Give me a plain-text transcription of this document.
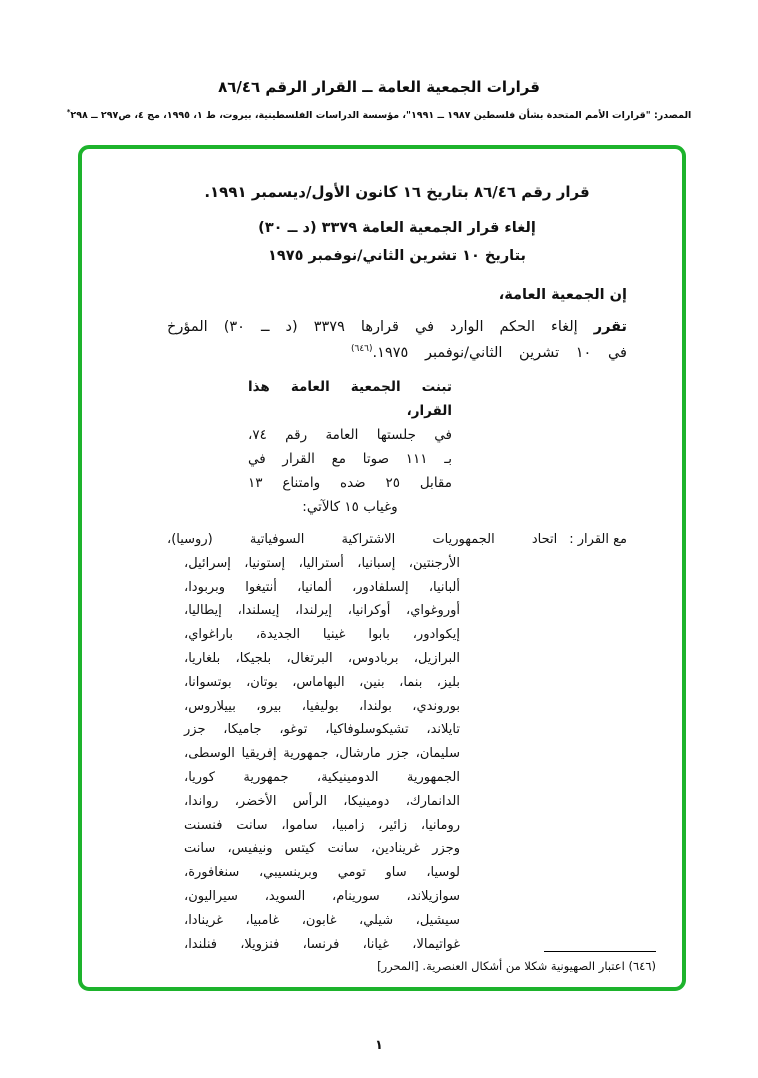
قرارات الجمعية العامة ــ القرار الرقم ٨٦/٤٦
المصدر: "قرارات الأمم المتحدة بشأن فلسطين ١٩٨٧ ــ ١٩٩١"، مؤسسة الدراسات الفلسطينية، بيروت، ط ١، ١٩٩٥، مج ٤، ص٢٩٧ ــ ٢٩٨*
قرار رقم ٨٦/٤٦ بتاريخ ١٦ كانون الأول/ديسمبر ١٩٩١.
إلغاء قرار الجمعية العامة ٣٣٧٩ (د ــ ٣٠)
بتاريخ ١٠ تشرين الثاني/نوفمبر ١٩٧٥
إن الجمعية العامة،
تقرر إلغاء الحكم الوارد في قرارها ٣٣٧٩ (د ــ ٣٠) المؤرخ
في ١٠ تشرين الثاني/نوفمبر ١٩٧٥.$^{(٦٤٦)}$
تبنت الجمعية العامة هذا القرار،
في جلستها العامة رقم ٧٤،
بـ ١١١ صوتا مع القرار في
مقابل ٢٥ ضده وامتناع ١٣
وغياب ١٥ كالآتي:
مع القرار :
اتحاد الجمهوريات الاشتراكية السوفياتية (روسيا)،
الأرجنتين، إسبانيا، أستراليا، إستونيا، إسرائيل،
ألبانيا، إلسلفادور، ألمانيا، أنتيغوا وبربودا،
أوروغواي، أوكرانيا، إيرلندا، إيسلندا، إيطاليا،
إيكوادور، بابوا غينيا الجديدة، باراغواي،
البرازيل، بربادوس، البرتغال، بلجيكا، بلغاريا،
بليز، بنما، بنين، البهاماس، بوتان، بوتسوانا،
بوروندي، بولندا، بوليفيا، بيرو، بييلاروس،
تايلاند، تشيكوسلوفاكيا، توغو، جاميكا، جزر
سليمان، جزر مارشال، جمهورية إفريقيا الوسطى،
الجمهورية الدومينيكية، جمهورية كوريا،
الدانمارك، دومينيكا، الرأس الأخضر، رواندا،
رومانيا، زائير، زامبيا، ساموا، سانت فنسنت
وجزر غرينادين، سانت كيتس ونيفيس، سانت
لوسيا، ساو تومي وبرينسيبي، سنغافورة،
سوازيلاند، سورينام، السويد، سيراليون،
سيشيل، شيلي، غابون، غامبيا، غرينادا،
غواتيمالا، غيانا، فرنسا، فنزويلا، فنلندا،
(٦٤٦) اعتبار الصهيونية شكلا من أشكال العنصرية. [المحرر]
١
